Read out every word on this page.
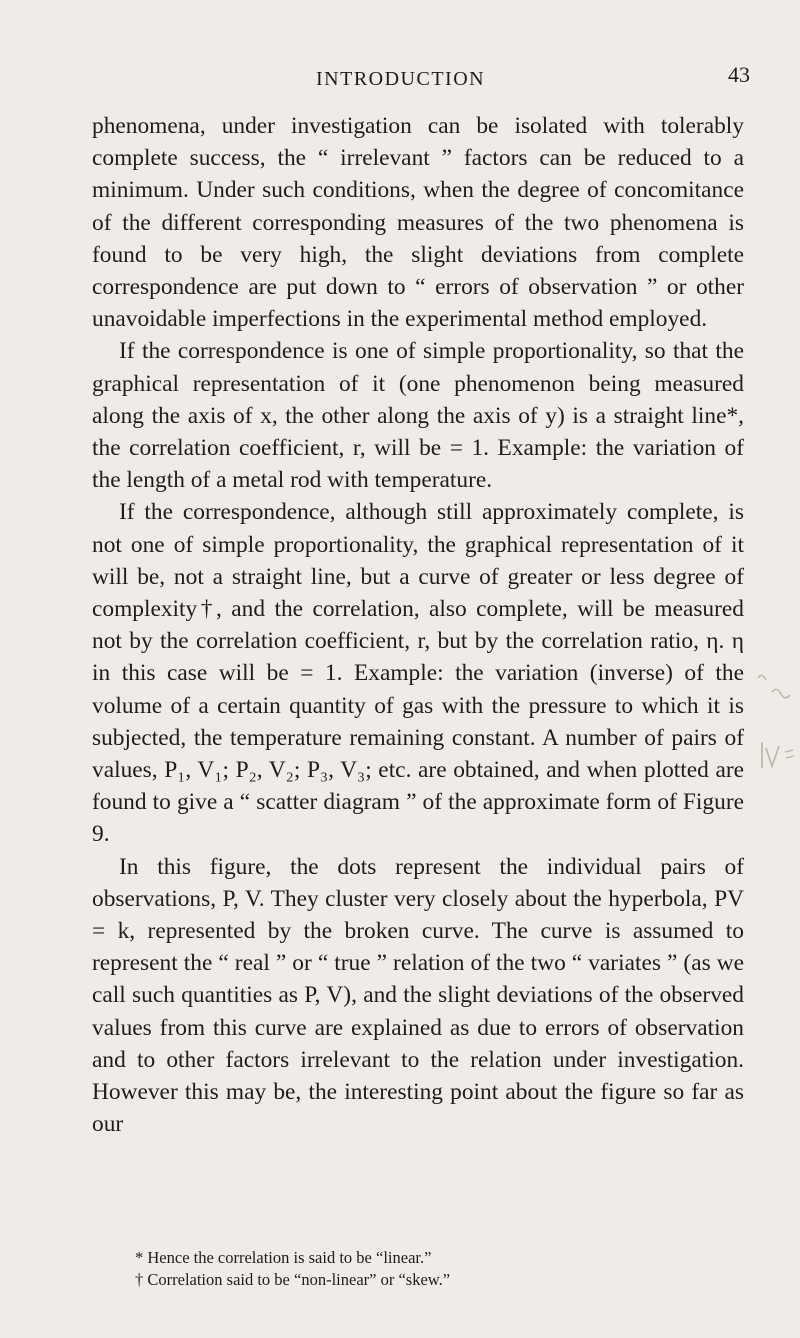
INTRODUCTION	43

phenomena, under investigation can be isolated with tolerably complete success, the “ irrelevant ” factors can be reduced to a minimum. Under such conditions, when the degree of concomitance of the different corresponding measures of the two phenomena is found to be very high, the slight deviations from complete correspondence are put down to “ errors of observation ” or other unavoidable imperfections in the experimental method employed.

If the correspondence is one of simple proportionality, so that the graphical representation of it (one phenomenon being measured along the axis of x, the other along the axis of y) is a straight line*, the correlation coefficient, r, will be = 1. Example: the variation of the length of a metal rod with temperature.

If the correspondence, although still approximately complete, is not one of simple proportionality, the graphical representation of it will be, not a straight line, but a curve of greater or less degree of complexity†, and the correlation, also complete, will be measured not by the correlation coefficient, r, but by the correlation ratio, η. η in this case will be = 1. Example: the variation (inverse) of the volume of a certain quantity of gas with the pressure to which it is subjected, the temperature remaining constant. A number of pairs of values, P₁, V₁; P₂, V₂; P₃, V₃; etc. are obtained, and when plotted are found to give a “ scatter diagram ” of the approximate form of Figure 9.

In this figure, the dots represent the individual pairs of observations, P, V. They cluster very closely about the hyperbola, PV = k, represented by the broken curve. The curve is assumed to represent the “ real ” or “ true ” relation of the two “ variates ” (as we call such quantities as P, V), and the slight deviations of the observed values from this curve are explained as due to errors of observation and to other factors irrelevant to the relation under investigation. However this may be, the interesting point about the figure so far as our

* Hence the correlation is said to be “linear.”

† Correlation said to be “non-linear” or “skew.”
